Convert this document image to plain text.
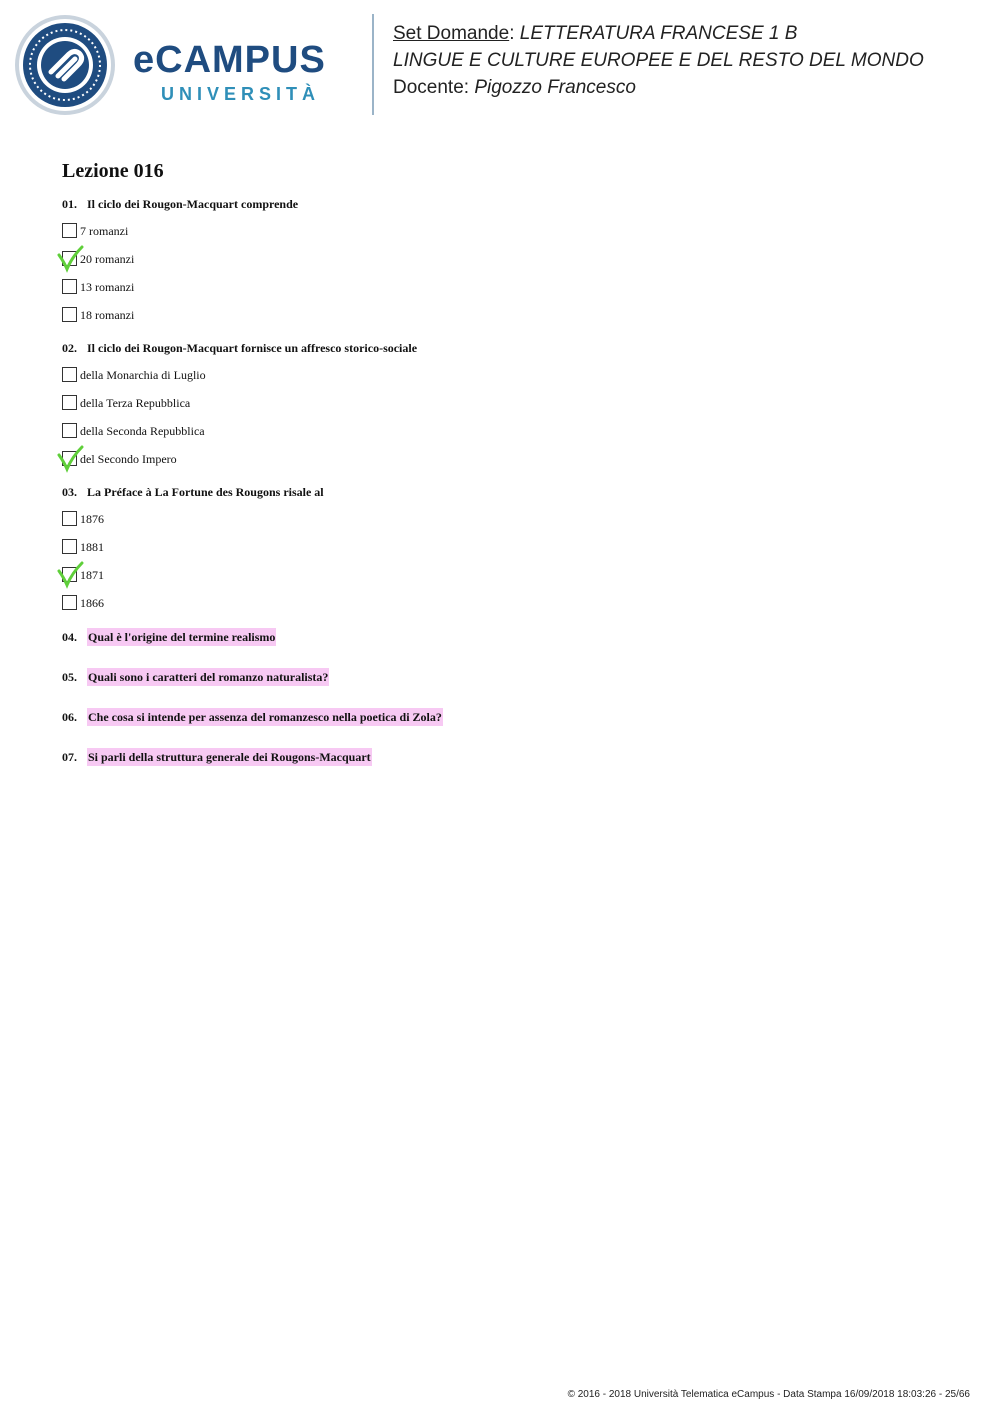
eCAMPUS
UNIVERSITÀ
Set Domande: LETTERATURA FRANCESE 1 B
LINGUE E CULTURE EUROPEE E DEL RESTO DEL MONDO
Docente: Pigozzo Francesco
Lezione 016
01. Il ciclo dei Rougon-Macquart comprende
7 romanzi
20 romanzi
13 romanzi
18 romanzi
02. Il ciclo dei Rougon-Macquart fornisce un affresco storico-sociale
della Monarchia di Luglio
della Terza Repubblica
della Seconda Repubblica
del Secondo Impero
03. La Préface à La Fortune des Rougons risale al
1876
1881
1871
1866
04. Qual è l'origine del termine realismo
05. Quali sono i caratteri del romanzo naturalista?
06. Che cosa si intende per assenza del romanzesco nella poetica di Zola?
07. Si parli della struttura generale dei Rougons-Macquart
© 2016 - 2018 Università Telematica eCampus - Data Stampa 16/09/2018 18:03:26 - 25/66
